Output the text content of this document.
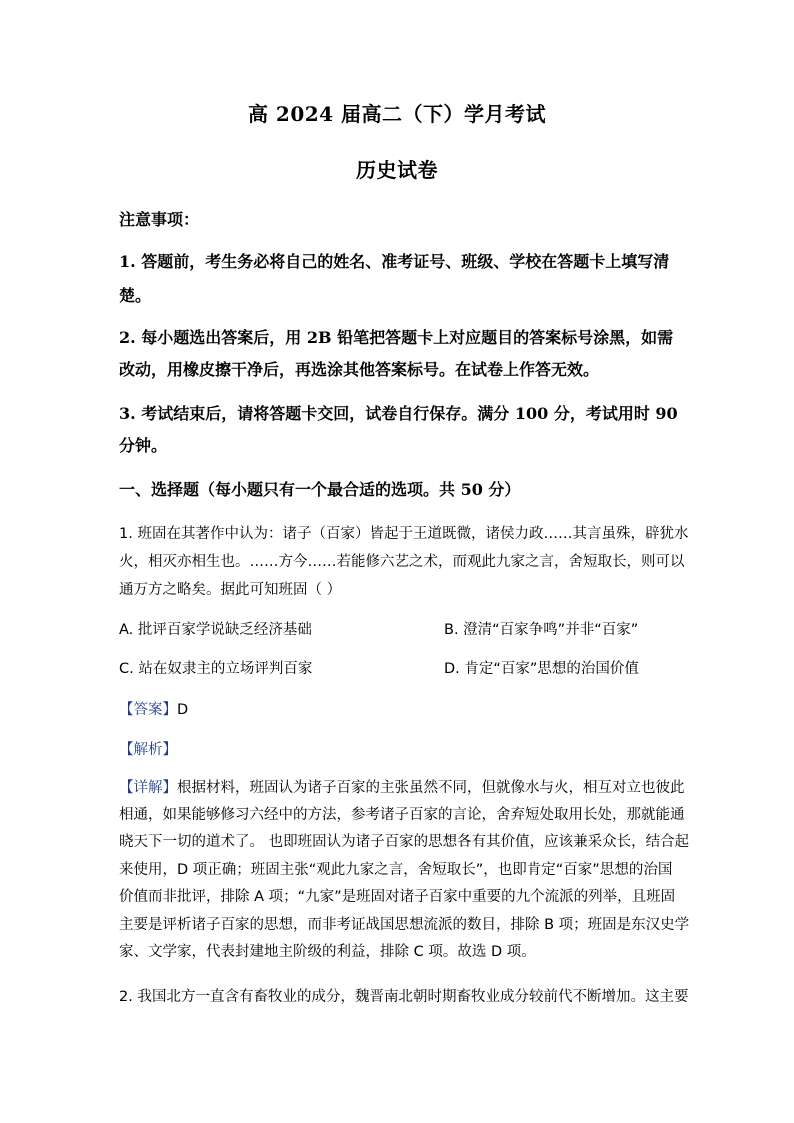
高 2024 届高二（下）学月考试
历史试卷
注意事项：
1. 答题前，考生务必将自己的姓名、准考证号、班级、学校在答题卡上填写清
楚。
2. 每小题选出答案后，用 2B 铅笔把答题卡上对应题目的答案标号涂黑，如需
改动，用橡皮擦干净后，再选涂其他答案标号。在试卷上作答无效。
3. 考试结束后，请将答题卡交回，试卷自行保存。满分 100 分，考试用时 90
分钟。
一、选择题（每小题只有一个最合适的选项。共 50 分）
1. 班固在其著作中认为：诸子（百家）皆起于王道既微，诸侯力政……其言虽殊，辟犹水
火，相灭亦相生也。……方今……若能修六艺之术，而观此九家之言，舍短取长，则可以
通万方之略矣。据此可知班固（ ）
A. 批评百家学说缺乏经济基础	B. 澄清“百家争鸣”并非“百家”
C. 站在奴隶主的立场评判百家	D. 肯定“百家”思想的治国价值
【答案】D
【解析】
【详解】根据材料，班固认为诸子百家的主张虽然不同，但就像水与火，相互对立也彼此
相通，如果能够修习六经中的方法，参考诸子百家的言论，舍弃短处取用长处，那就能通
晓天下一切的道术了。 也即班固认为诸子百家的思想各有其价值，应该兼采众长，结合起
来使用，D 项正确；班固主张“观此九家之言，舍短取长”，也即肯定“百家”思想的治国
价值而非批评，排除 A 项；“九家”是班固对诸子百家中重要的九个流派的列举，且班固
主要是评析诸子百家的思想，而非考证战国思想流派的数目，排除 B 项；班固是东汉史学
家、文学家，代表封建地主阶级的利益，排除 C 项。故选 D 项。
2. 我国北方一直含有畜牧业的成分，魏晋南北朝时期畜牧业成分较前代不断增加。这主要
